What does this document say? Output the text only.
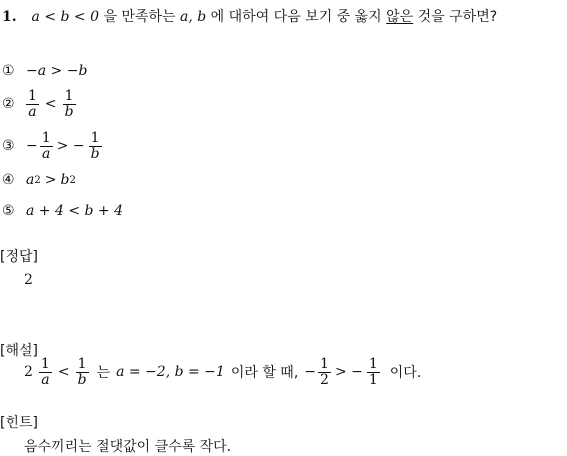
1. a < b < 0 을 만족하는 a, b 에 대하여 다음 보기 중 옳지 않은 것을 구하면?
① −a > −b
② $\frac{1}{a} < \frac{1}{b}$
③ − $\frac{1}{a}$ > − $\frac{1}{b}$
④ a 2 > b 2
⑤ a + 4 < b + 4
[정답]
2
[해설]
$2 \frac{1}{a} < \frac{1}{b}$ 는 a = −2, b = −1 이라 할 때, − $\frac{1}{2}$ > − $\frac{1}{1}$ 이다.
[힌트]
음수끼리는 절댓값이 클수록 작다.
